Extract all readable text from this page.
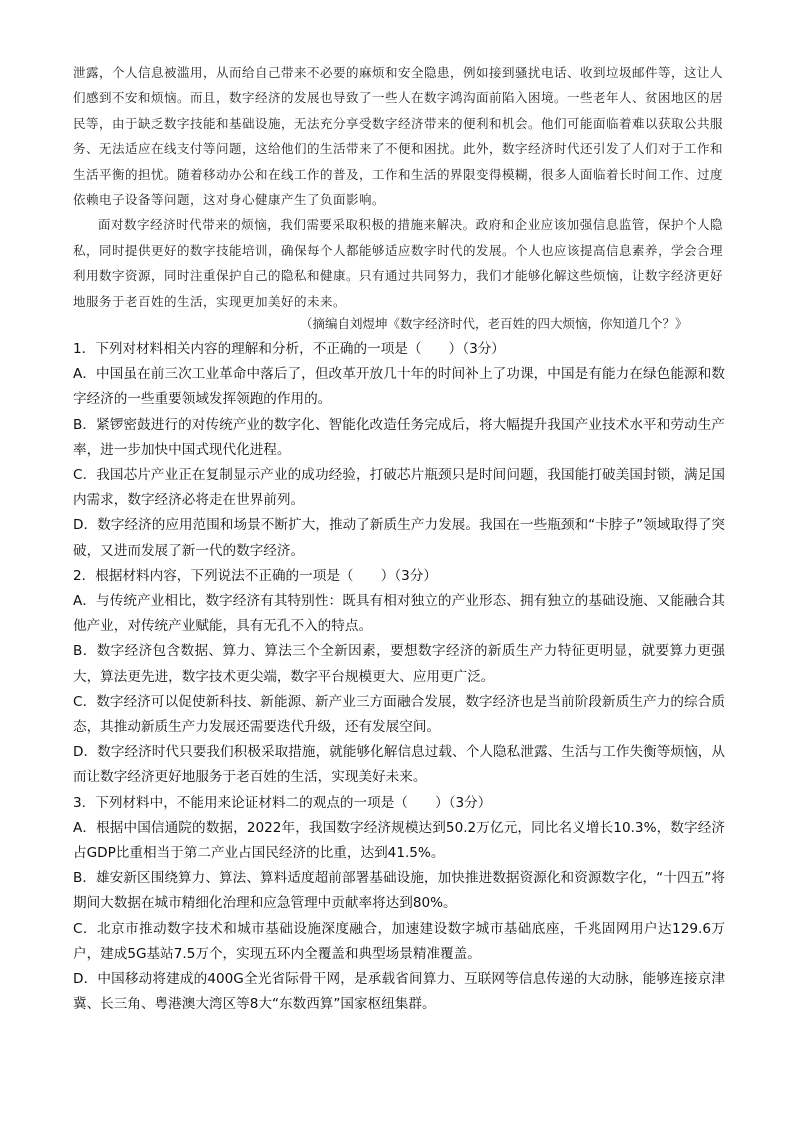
泄露，个人信息被滥用，从而给自己带来不必要的麻烦和安全隐患，例如接到骚扰电话、收到垃圾邮件等，这让人们感到不安和烦恼。而且，数字经济的发展也导致了一些人在数字鸿沟面前陷入困境。一些老年人、贫困地区的居民等，由于缺乏数字技能和基础设施，无法充分享受数字经济带来的便利和机会。他们可能面临着难以获取公共服务、无法适应在线支付等问题，这给他们的生活带来了不便和困扰。此外，数字经济时代还引发了人们对于工作和生活平衡的担忧。随着移动办公和在线工作的普及，工作和生活的界限变得模糊，很多人面临着长时间工作、过度依赖电子设备等问题，这对身心健康产生了负面影响。

面对数字经济时代带来的烦恼，我们需要采取积极的措施来解决。政府和企业应该加强信息监管，保护个人隐私，同时提供更好的数字技能培训，确保每个人都能够适应数字时代的发展。个人也应该提高信息素养，学会合理利用数字资源，同时注重保护自己的隐私和健康。只有通过共同努力，我们才能够化解这些烦恼，让数字经济更好地服务于老百姓的生活，实现更加美好的未来。

（摘编自刘煜坤《数字经济时代，老百姓的四大烦恼，你知道几个？》

1．下列对材料相关内容的理解和分析，不正确的一项是（　　）（3分）

A．中国虽在前三次工业革命中落后了，但改革开放几十年的时间补上了功课，中国是有能力在绿色能源和数字经济的一些重要领域发挥领跑的作用的。

B．紧锣密鼓进行的对传统产业的数字化、智能化改造任务完成后，将大幅提升我国产业技术水平和劳动生产率，进一步加快中国式现代化进程。

C．我国芯片产业正在复制显示产业的成功经验，打破芯片瓶颈只是时间问题，我国能打破美国封锁，满足国内需求，数字经济必将走在世界前列。

D．数字经济的应用范围和场景不断扩大，推动了新质生产力发展。我国在一些瓶颈和“卡脖子”领域取得了突破，又进而发展了新一代的数字经济。

2．根据材料内容，下列说法不正确的一项是（　　）（3分）

A．与传统产业相比，数字经济有其特别性：既具有相对独立的产业形态、拥有独立的基础设施、又能融合其他产业，对传统产业赋能，具有无孔不入的特点。

B．数字经济包含数据、算力、算法三个全新因素，要想数字经济的新质生产力特征更明显，就要算力更强大，算法更先进，数字技术更尖端，数字平台规模更大、应用更广泛。

C．数字经济可以促使新科技、新能源、新产业三方面融合发展，数字经济也是当前阶段新质生产力的综合质态，其推动新质生产力发展还需要迭代升级，还有发展空间。

D．数字经济时代只要我们积极采取措施，就能够化解信息过载、个人隐私泄露、生活与工作失衡等烦恼，从而让数字经济更好地服务于老百姓的生活，实现美好未来。

3．下列材料中，不能用来论证材料二的观点的一项是（　　）（3分）

A．根据中国信通院的数据，2022年，我国数字经济规模达到50.2万亿元，同比名义增长10.3%，数字经济占GDP比重相当于第二产业占国民经济的比重，达到41.5%。

B．雄安新区围绕算力、算法、算料适度超前部署基础设施，加快推进数据资源化和资源数字化，“十四五”将期间大数据在城市精细化治理和应急管理中贡献率将达到80%。

C．北京市推动数字技术和城市基础设施深度融合，加速建设数字城市基础底座，千兆固网用户达129.6万户，建成5G基站7.5万个，实现五环内全覆盖和典型场景精准覆盖。

D．中国移动将建成的400G全光省际骨干网，是承载省间算力、互联网等信息传递的大动脉，能够连接京津冀、长三角、粤港澳大湾区等8大“东数西算”国家枢纽集群。
